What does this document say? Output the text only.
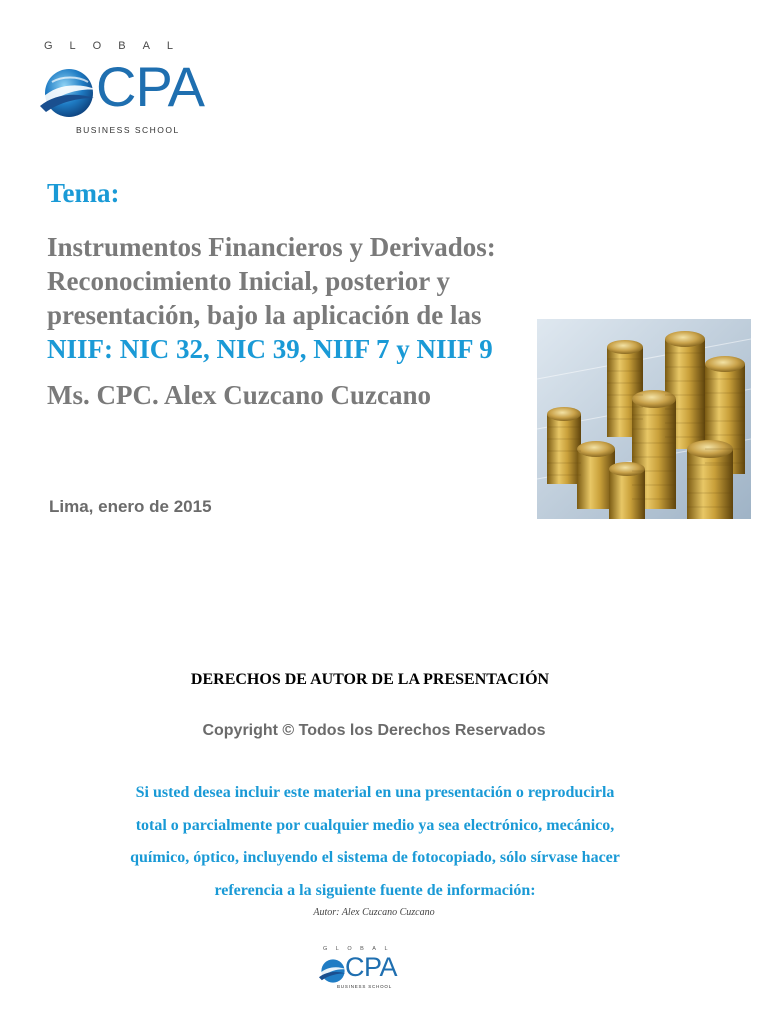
GLOBAL
CPA
BUSINESS SCHOOL
Tema:
Instrumentos Financieros y Derivados:
Reconocimiento Inicial, posterior y
presentación, bajo la aplicación de las
NIIF: NIC 32, NIC 39, NIIF 7 y NIIF 9
Ms. CPC. Alex Cuzcano Cuzcano
Lima, enero de 2015
DERECHOS DE AUTOR DE LA PRESENTACIÓN
Copyright © Todos los Derechos Reservados
Si usted desea incluir este material en una presentación o reproducirla
total o parcialmente por cualquier medio ya sea electrónico, mecánico,
químico, óptico, incluyendo el sistema de fotocopiado, sólo sírvase hacer
referencia a la siguiente fuente de información:
Autor: Alex Cuzcano Cuzcano
GLOBAL
CPA
BUSINESS SCHOOL
